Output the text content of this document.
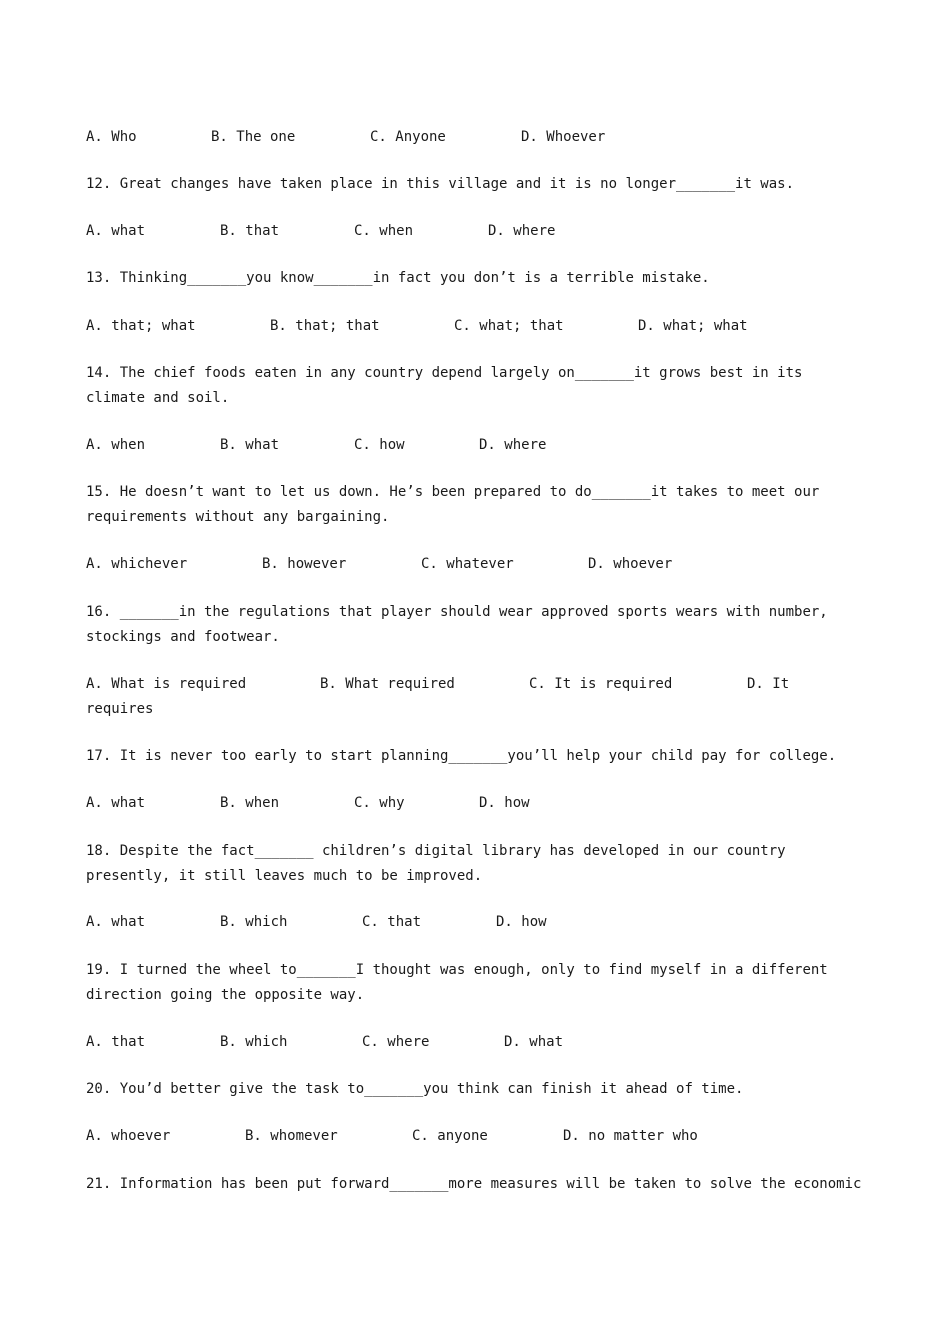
A. Who	B. The one	C. Anyone	D. Whoever
12. Great changes have taken place in this village and it is no longer_______it was.
A. what	B. that	C. when	D. where
13. Thinking_______you know_______in fact you don’t is a terrible mistake.
A. that; what	B. that; that	C. what; that	D. what; what
14. The chief foods eaten in any country depend largely on_______it grows best in its
climate and soil.
A. when	B. what	C. how	D. where
15. He doesn’t want to let us down. He’s been prepared to do_______it takes to meet our
requirements without any bargaining.
A. whichever	B. however	C. whatever	D. whoever
16. _______in the regulations that player should wear approved sports wears with number,
stockings and footwear.
A. What is required	B. What required	C. It is required	D. It
requires
17. It is never too early to start planning_______you’ll help your child pay for college.
A. what	B. when	C. why	D. how
18. Despite the fact_______ children’s digital library has developed in our country
presently, it still leaves much to be improved.
A. what	B. which	C. that	D. how
19. I turned the wheel to_______I thought was enough, only to find myself in a different
direction going the opposite way.
A. that	B. which	C. where	D. what
20. You’d better give the task to_______you think can finish it ahead of time.
A. whoever	B. whomever	C. anyone	D. no matter who
21. Information has been put forward_______more measures will be taken to solve the economic
